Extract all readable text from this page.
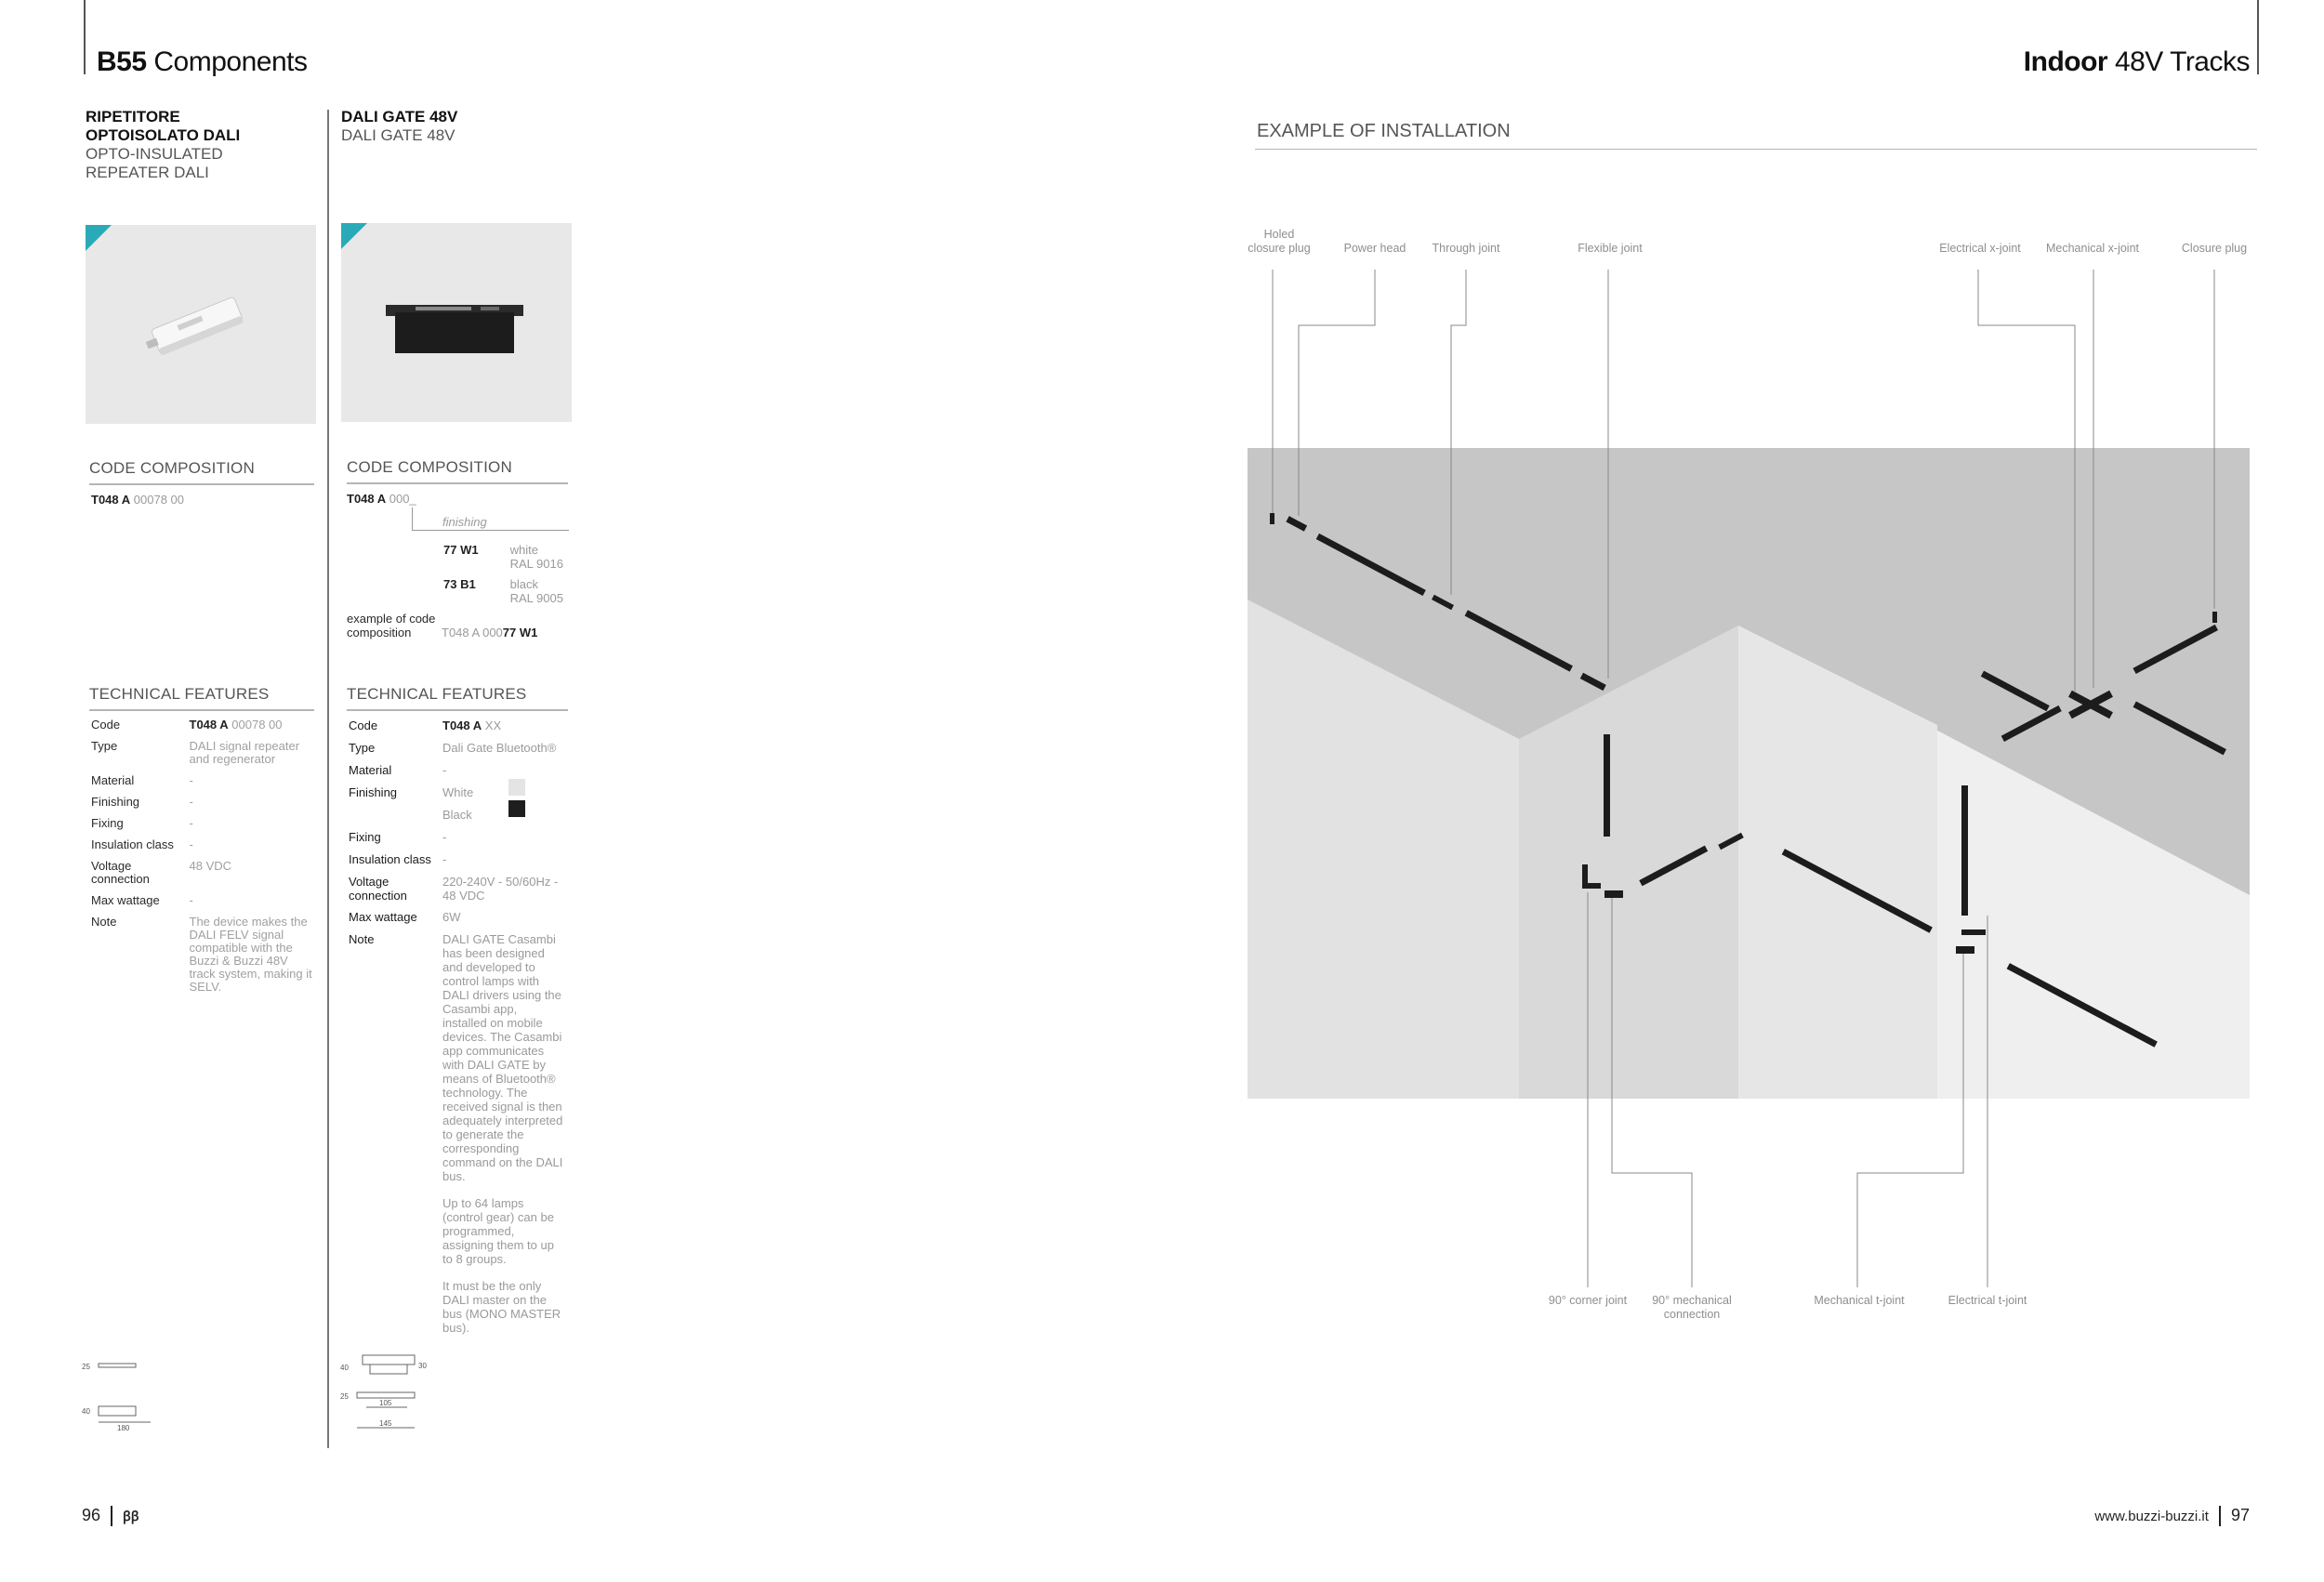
B55 Components	Indoor 48V Tracks
RIPETITORE
OPTOISOLATO DALI
OPTO-INSULATED
REPEATER DALI
CODE COMPOSITION
T048 A 00078 00
TECHNICAL FEATURES
Code	T048 A 00078 00
Type	DALI signal repeater and regenerator
Material	-
Finishing	-
Fixing	-
Insulation class	-
Voltage connection	48 VDC
Max wattage	-
Note	The device makes the DALI FELV signal compatible with the Buzzi & Buzzi 48V track system, making it SELV.
25
40
180
DALI GATE 48V
DALI GATE 48V
CODE COMPOSITION
T048 A 000_
finishing
77 W1	white
RAL 9016
73 B1	black
RAL 9005
example of code
composition	T048 A 00077 W1
TECHNICAL FEATURES
Code	T048 A XX
Type	Dali Gate Bluetooth®
Material	-
Finishing	White
Black
Fixing	-
Insulation class -
Voltage connection
220-240V - 50/60Hz - 48 VDC
Max wattage 6W
Note	DALI GATE Casambi has been designed and developed to control lamps with DALI drivers using the Casambi app, installed on mobile devices. The Casambi app communicates with DALI GATE by means of Bluetooth® technology. The received signal is then adequately interpreted to generate the corresponding command on the DALI bus.
Up to 64 lamps (control gear) can be programmed, assigning them to up to 8 groups.
It must be the only DALI master on the bus (MONO MASTER bus).
40	30
25
105
145
EXAMPLE OF INSTALLATION
Holed closure plug	Power head	Through joint	Flexible joint	Electrical x-joint	Mechanical x-joint	Closure plug
90° corner joint	90° mechanical connection
Mechanical t-joint	Electrical t-joint
96 ꞵꞵ	www.buzzi-buzzi.it 97
